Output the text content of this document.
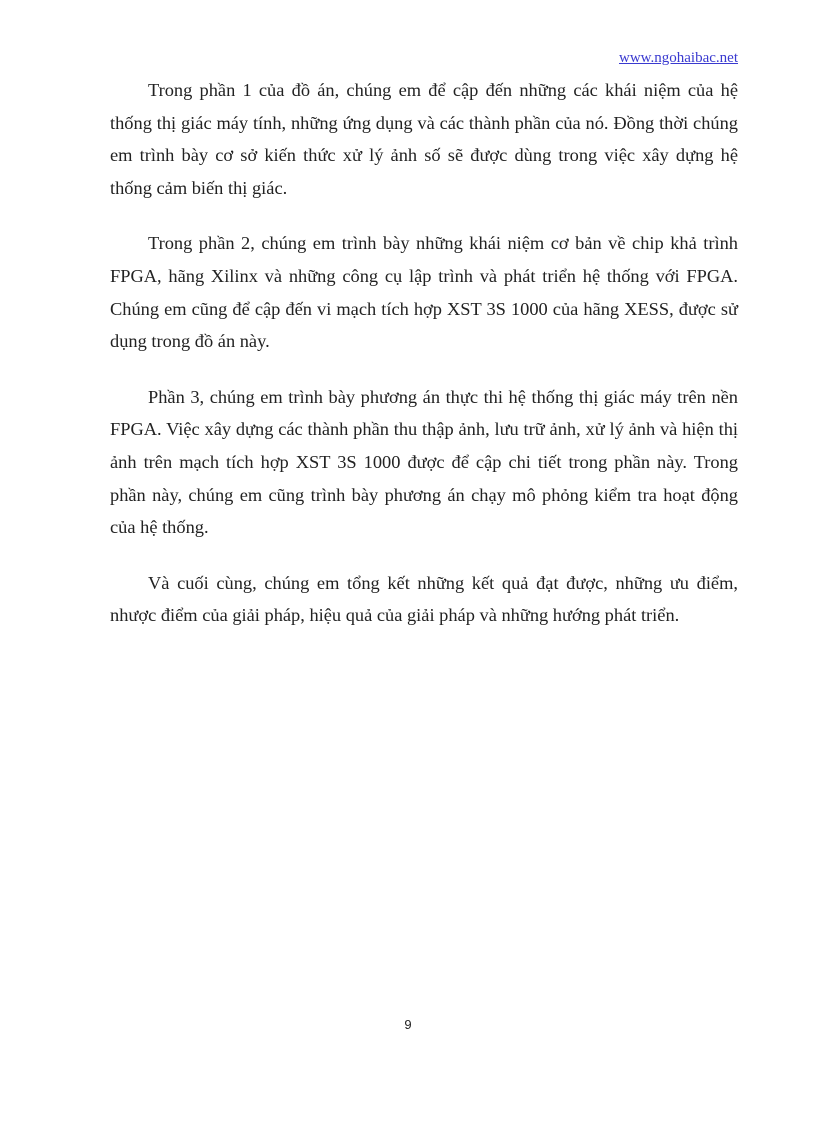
www.ngohaibac.net

Trong phần 1 của đồ án, chúng em để cập đến những các khái niệm của hệ thống thị giác máy tính, những ứng dụng và các thành phần của nó. Đồng thời chúng em trình bày cơ sở kiến thức xử lý ảnh số sẽ được dùng trong việc xây dựng hệ thống cảm biến thị giác.

Trong phần 2, chúng em trình bày những khái niệm cơ bản về chip khả trình FPGA, hãng Xilinx và những công cụ lập trình và phát triển hệ thống với FPGA. Chúng em cũng để cập đến vi mạch tích hợp XST 3S 1000 của hãng XESS, được sử dụng trong đồ án này.

Phần 3, chúng em trình bày phương án thực thi hệ thống thị giác máy trên nền FPGA. Việc xây dựng các thành phần thu thập ảnh, lưu trữ ảnh, xử lý ảnh và hiện thị ảnh trên mạch tích hợp XST 3S 1000 được để cập chi tiết trong phần này. Trong phần này, chúng em cũng trình bày phương án chạy mô phỏng kiểm tra hoạt động của hệ thống.

Và cuối cùng, chúng em tổng kết những kết quả đạt được, những ưu điểm, nhược điểm của giải pháp, hiệu quả của giải pháp và những hướng phát triển.

9
